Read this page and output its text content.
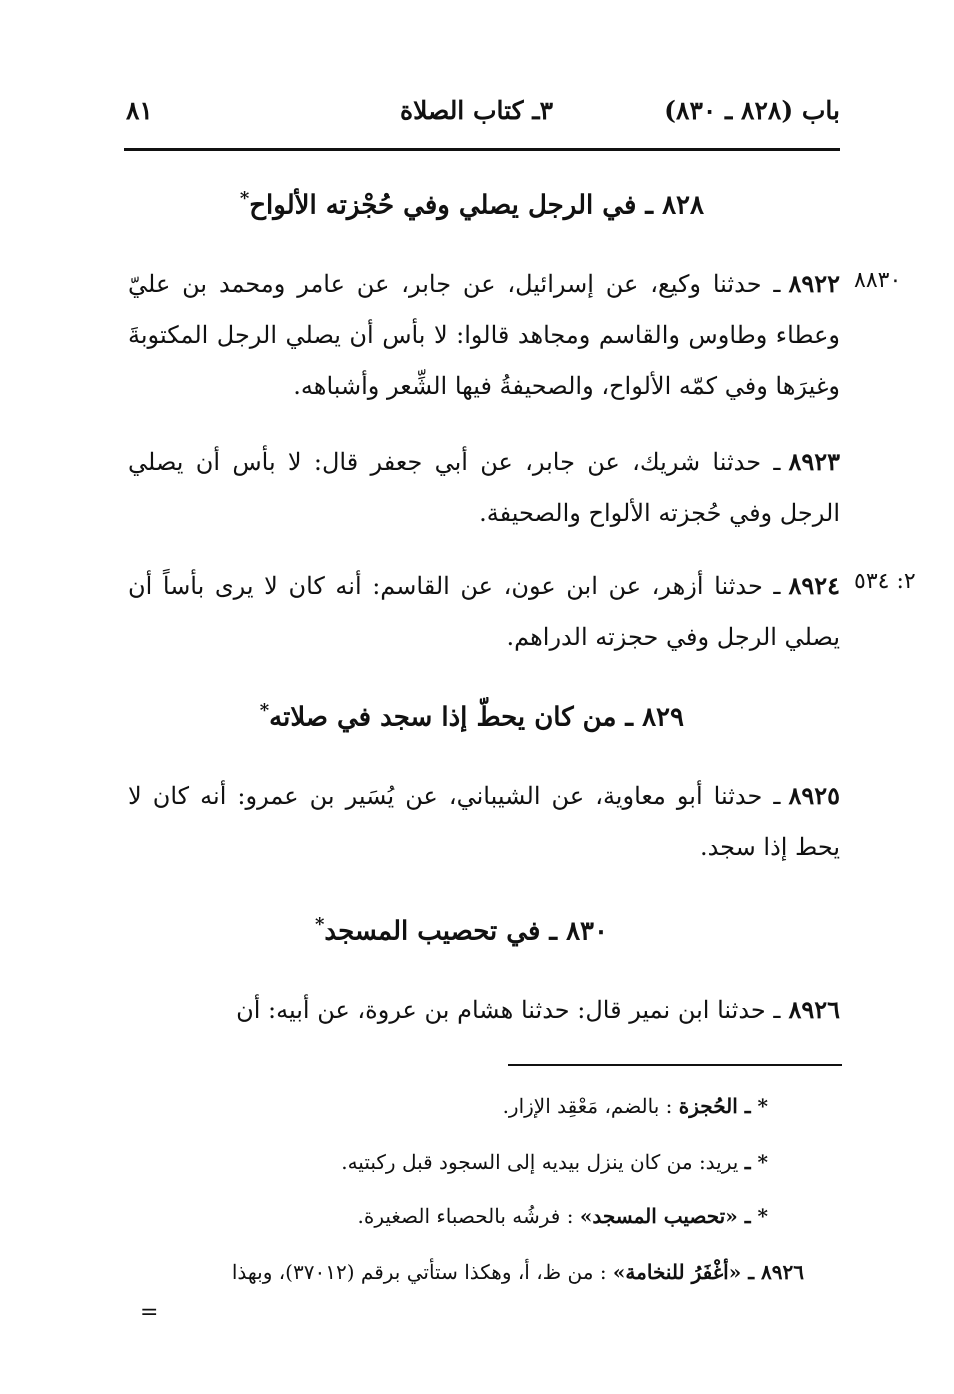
باب (٨٢٨ ـ ٨٣٠)
٣ـ كتاب الصلاة
٨١
٨٢٨ ـ في الرجل يصلي وفي حُجْزته الألواح*
٨٨٣٠
٨٩٢٢ـ حدثنا وكيع، عن إسرائيل، عن جابر، عن عامر ومحمد بن عليّ وعطاء وطاوس والقاسم ومجاهد قالوا: لا بأس أن يصلي الرجل المكتوبةَ وغيرَها وفي كمّه الألواح، والصحيفةُ فيها الشِّعر وأشباهه.
٨٩٢٣ـ حدثنا شريك، عن جابر، عن أبي جعفر قال: لا بأس أن يصلي الرجل وفي حُجزته الألواح والصحيفة.
٢: ٥٣٤
٨٩٢٤ـ حدثنا أزهر، عن ابن عون، عن القاسم: أنه كان لا يرى بأساً أن يصلي الرجل وفي حجزته الدراهم.
٨٢٩ ـ من كان يحطّ إذا سجد في صلاته*
٨٩٢٥ـ حدثنا أبو معاوية، عن الشيباني، عن يُسَير بن عمرو: أنه كان لا يحط إذا سجد.
٨٣٠ ـ في تحصيب المسجد*
٨٩٢٦ـ حدثنا ابن نمير قال: حدثنا هشام بن عروة، عن أبيه: أن
* ـ الحُجزة : بالضم، مَعْقِد الإزار.
* ـ يريد: من كان ينزل بيديه إلى السجود قبل ركبتيه.
* ـ «تحصيب المسجد» : فرشُه بالحصباء الصغيرة.
٨٩٢٦ ـ «أغْفَرُ للنخامة» : من ظ، أ، وهكذا ستأتي برقم (٣٧٠١٢)، وبهذا
=
